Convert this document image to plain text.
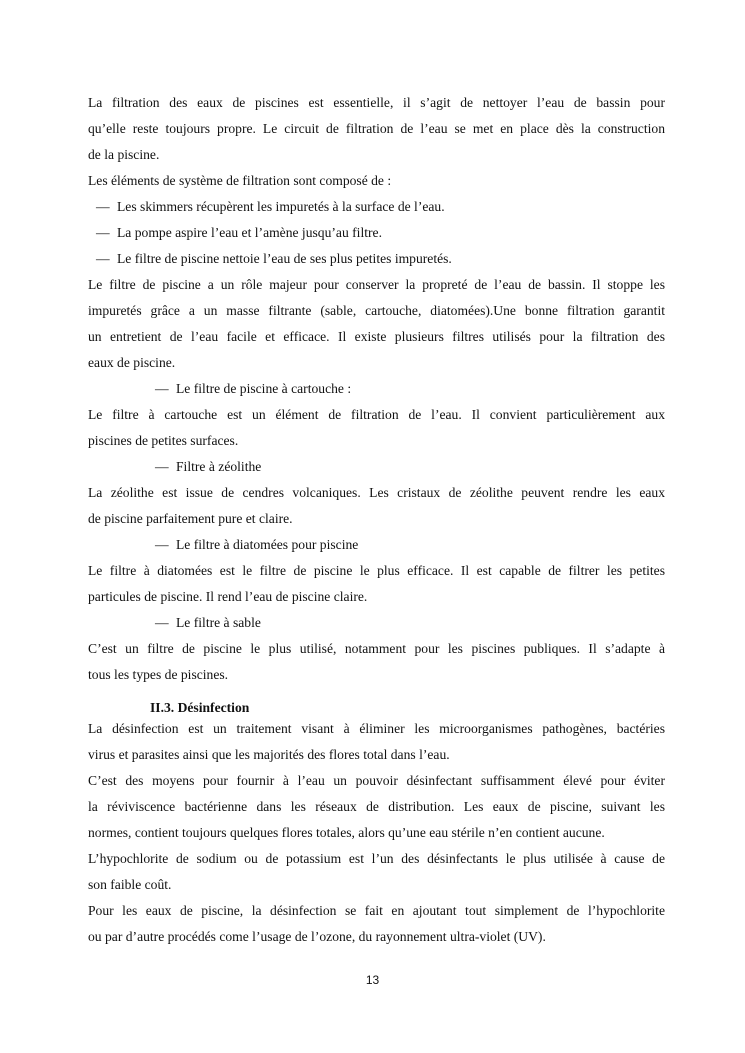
La filtration des eaux de piscines est essentielle, il s’agit de nettoyer l’eau de bassin pour

qu’elle reste toujours propre. Le circuit de filtration de l’eau se met en place dès la construction

de la piscine.

Les éléments de système de filtration sont composé de :

— Les skimmers récupèrent les impuretés à la surface de l’eau.
— La pompe aspire l’eau et l’amène jusqu’au filtre.
— Le filtre de piscine nettoie l’eau de ses plus petites impuretés.

Le filtre de piscine a un rôle majeur pour conserver la propreté de l’eau de bassin. Il stoppe les

impuretés grâce a un masse filtrante (sable, cartouche, diatomées).Une bonne filtration garantit

un entretient de l’eau facile et efficace. Il existe plusieurs filtres utilisés pour la filtration des

eaux de piscine.

— Le filtre de piscine à cartouche :

Le filtre à cartouche est un élément de filtration de l’eau. Il convient particulièrement aux

piscines de petites surfaces.

— Filtre à zéolithe

La zéolithe est issue de cendres volcaniques. Les cristaux de zéolithe peuvent rendre les eaux

de piscine parfaitement pure et claire.

— Le filtre à diatomées pour piscine

Le filtre à diatomées est le filtre de piscine le plus efficace. Il est capable de filtrer les petites

particules de piscine. Il rend l’eau de piscine claire.

— Le filtre à sable

C’est un filtre de piscine le plus utilisé, notamment pour les piscines publiques. Il s’adapte à

tous les types de piscines.

II.3. Désinfection

La désinfection est un traitement visant à éliminer les microorganismes pathogènes, bactéries

virus et parasites ainsi que les majorités des flores total dans l’eau.

C’est des moyens pour fournir à l’eau un pouvoir désinfectant suffisamment élevé pour éviter

la réviviscence bactérienne dans les réseaux de distribution. Les eaux de piscine, suivant les

normes, contient toujours quelques flores totales, alors qu’une eau stérile n’en contient aucune.

L’hypochlorite de sodium ou de potassium est l’un des désinfectants le plus utilisée à cause de

son faible coût.

Pour les eaux de piscine, la désinfection se fait en ajoutant tout simplement de l’hypochlorite

ou par d’autre procédés come l’usage de l’ozone, du rayonnement ultra-violet (UV).

13
